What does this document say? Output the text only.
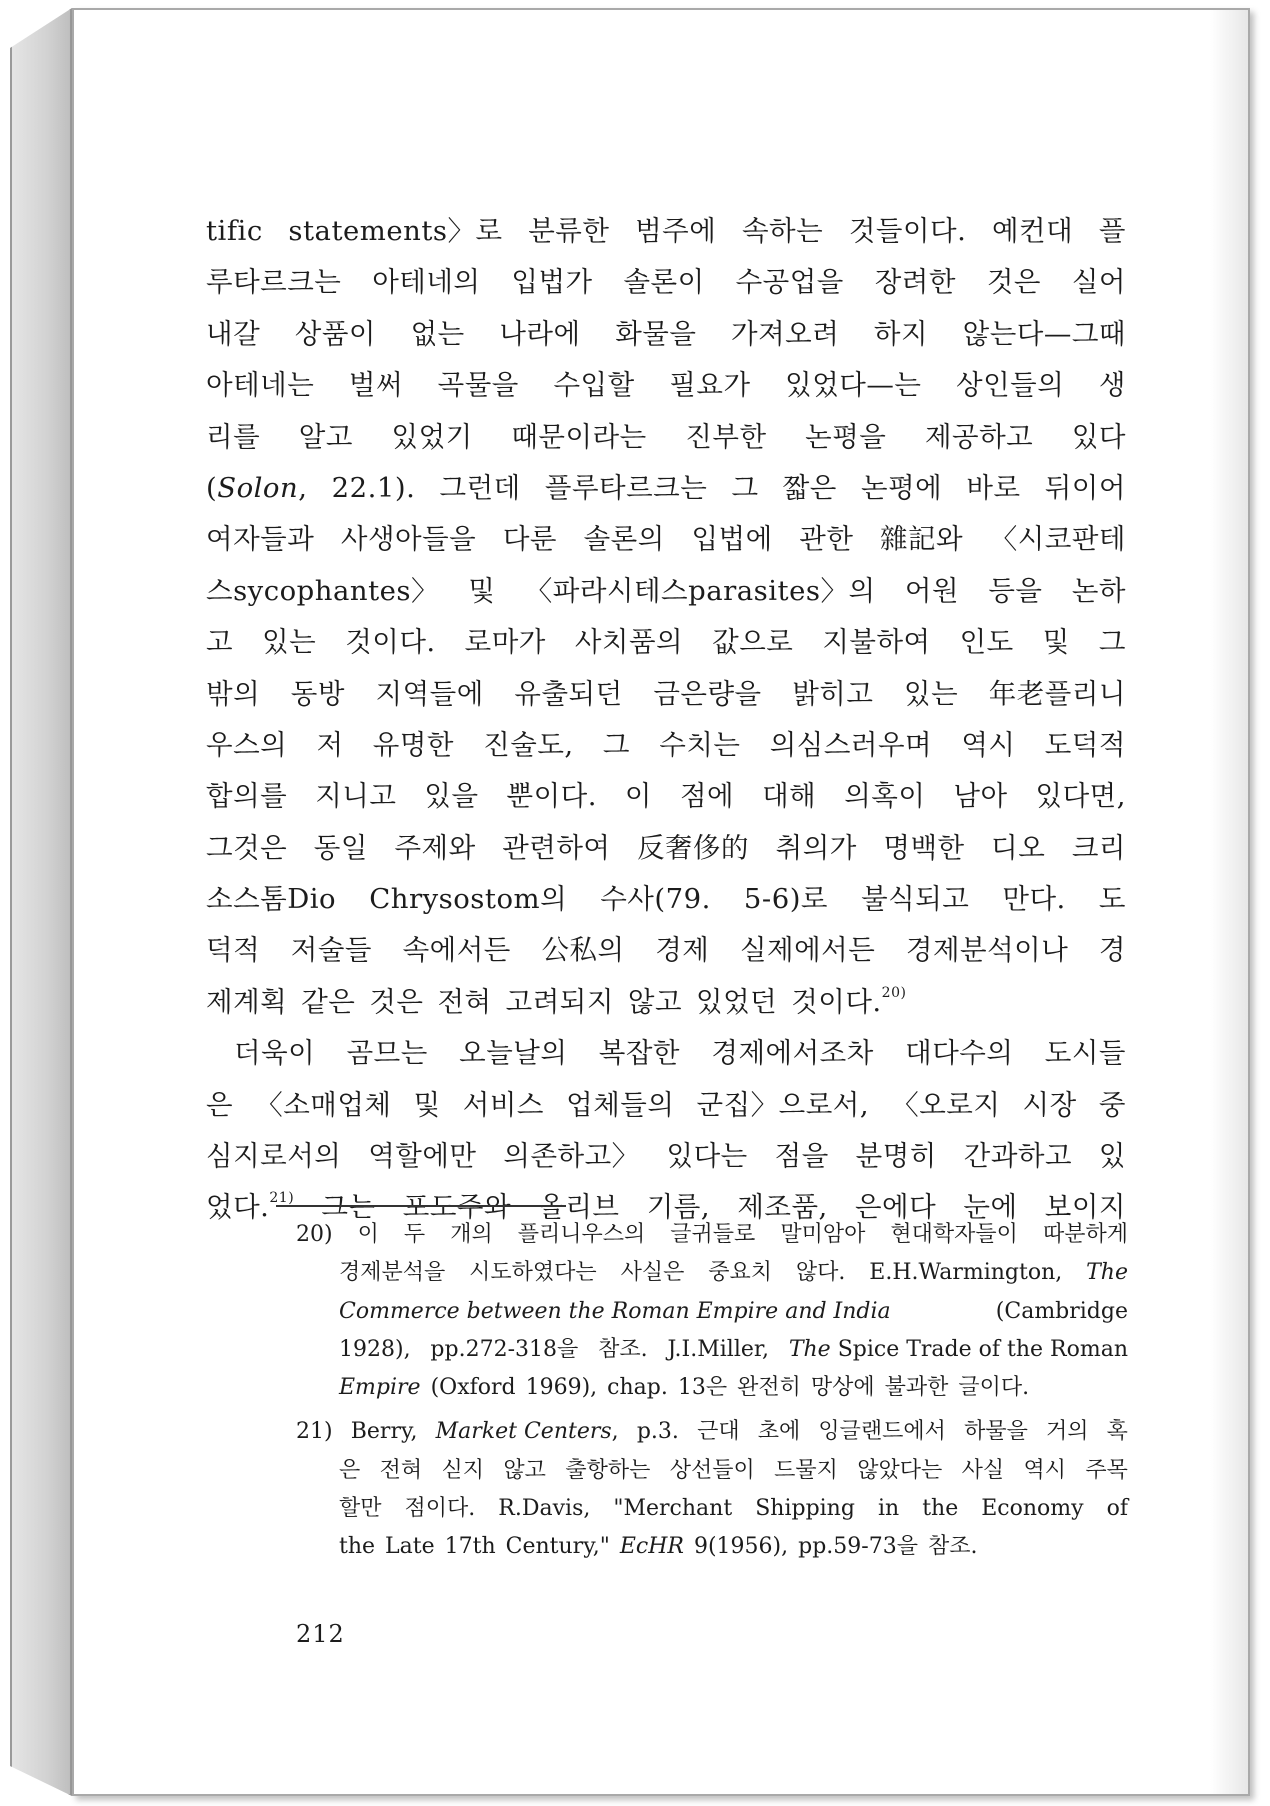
tific statements〉로 분류한 범주에 속하는 것들이다. 예컨대 플
루타르크는 아테네의 입법가 솔론이 수공업을 장려한 것은 실어
내갈 상품이 없는 나라에 화물을 가져오려 하지 않는다—그때
아테네는 벌써 곡물을 수입할 필요가 있었다—는 상인들의 생
리를 알고 있었기 때문이라는 진부한 논평을 제공하고 있다
(Solon, 22.1). 그런데 플루타르크는 그 짧은 논평에 바로 뒤이어
여자들과 사생아들을 다룬 솔론의 입법에 관한 雜記와 〈시코판테
스sycophantes〉 및 〈파라시테스parasites〉의 어원 등을 논하
고 있는 것이다. 로마가 사치품의 값으로 지불하여 인도 및 그
밖의 동방 지역들에 유출되던 금은량을 밝히고 있는 年老플리니
우스의 저 유명한 진술도, 그 수치는 의심스러우며 역시 도덕적
합의를 지니고 있을 뿐이다. 이 점에 대해 의혹이 남아 있다면,
그것은 동일 주제와 관련하여 反奢侈的 취의가 명백한 디오 크리
소스톰Dio Chrysostom의 수사(79. 5-6)로 불식되고 만다. 도
덕적 저술들 속에서든 公私의 경제 실제에서든 경제분석이나 경
제계획 같은 것은 전혀 고려되지 않고 있었던 것이다.$^{20)}$
더욱이 곰므는 오늘날의 복잡한 경제에서조차 대다수의 도시들
은 〈소매업체 및 서비스 업체들의 군집〉으로서, 〈오로지 시장 중
심지로서의 역할에만 의존하고〉 있다는 점을 분명히 간과하고 있
었다.$^{21)}$ 그는 포도주와 올리브 기름, 제조품, 은에다 눈에 보이지
20) 이 두 개의 플리니우스의 글귀들로 말미암아 현대학자들이 따분하게
경제분석을 시도하였다는 사실은 중요치 않다. E.H.Warmington, The
Commerce between the Roman Empire and India	(Cambridge
1928), pp.272-318을 참조. J.I.Miller, The Spice Trade of the Roman
Empire (Oxford 1969), chap. 13은 완전히 망상에 불과한 글이다.
21) Berry, Market Centers, p.3. 근대 초에 잉글랜드에서 하물을 거의 혹
은 전혀 싣지 않고 출항하는 상선들이 드물지 않았다는 사실 역시 주목
할만 점이다. R.Davis, "Merchant Shipping in the Economy of
the Late 17th Century," EcHR 9(1956), pp.59-73을 참조.
212
